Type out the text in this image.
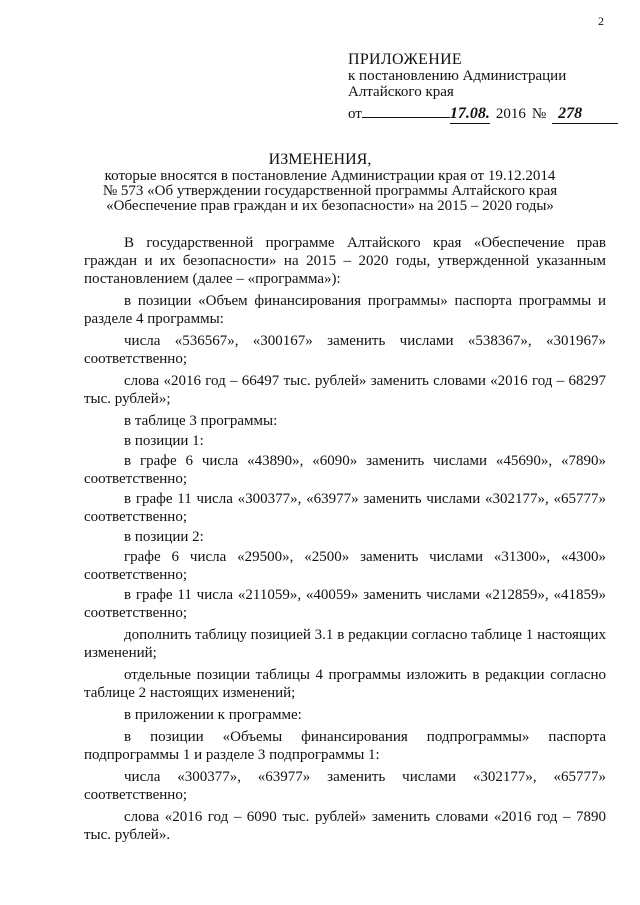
2
ПРИЛОЖЕНИЕ
к постановлению Администрации
Алтайского края
от	17.08. 2016 № 278
ИЗМЕНЕНИЯ,
которые вносятся в постановление Администрации края от 19.12.2014
№ 573 «Об утверждении государственной программы Алтайского края
«Обеспечение прав граждан и их безопасности» на 2015 – 2020 годы»

В государственной программе Алтайского края «Обеспечение прав граждан и их безопасности» на 2015 – 2020 годы, утвержденной указанным постановлением (далее – «программа»):

в позиции «Объем финансирования программы» паспорта программы и разделе 4 программы:

числа «536567», «300167» заменить числами «538367», «301967» соответственно;

слова «2016 год – 66497 тыс. рублей» заменить словами «2016 год – 68297 тыс. рублей»;

в таблице 3 программы:

в позиции 1:

в графе 6 числа «43890», «6090» заменить числами «45690», «7890» соответственно;

в графе 11 числа «300377», «63977» заменить числами «302177», «65777» соответственно;

в позиции 2:

графе 6 числа «29500», «2500» заменить числами «31300», «4300» соответственно;

в графе 11 числа «211059», «40059» заменить числами «212859», «41859» соответственно;

дополнить таблицу позицией 3.1 в редакции согласно таблице 1 настоящих изменений;

отдельные позиции таблицы 4 программы изложить в редакции согласно таблице 2 настоящих изменений;

в приложении к программе:

в позиции «Объемы финансирования подпрограммы» паспорта подпрограммы 1 и разделе 3 подпрограммы 1:

числа «300377», «63977» заменить числами «302177», «65777» соответственно;

слова «2016 год – 6090 тыс. рублей» заменить словами «2016 год – 7890 тыс. рублей».
